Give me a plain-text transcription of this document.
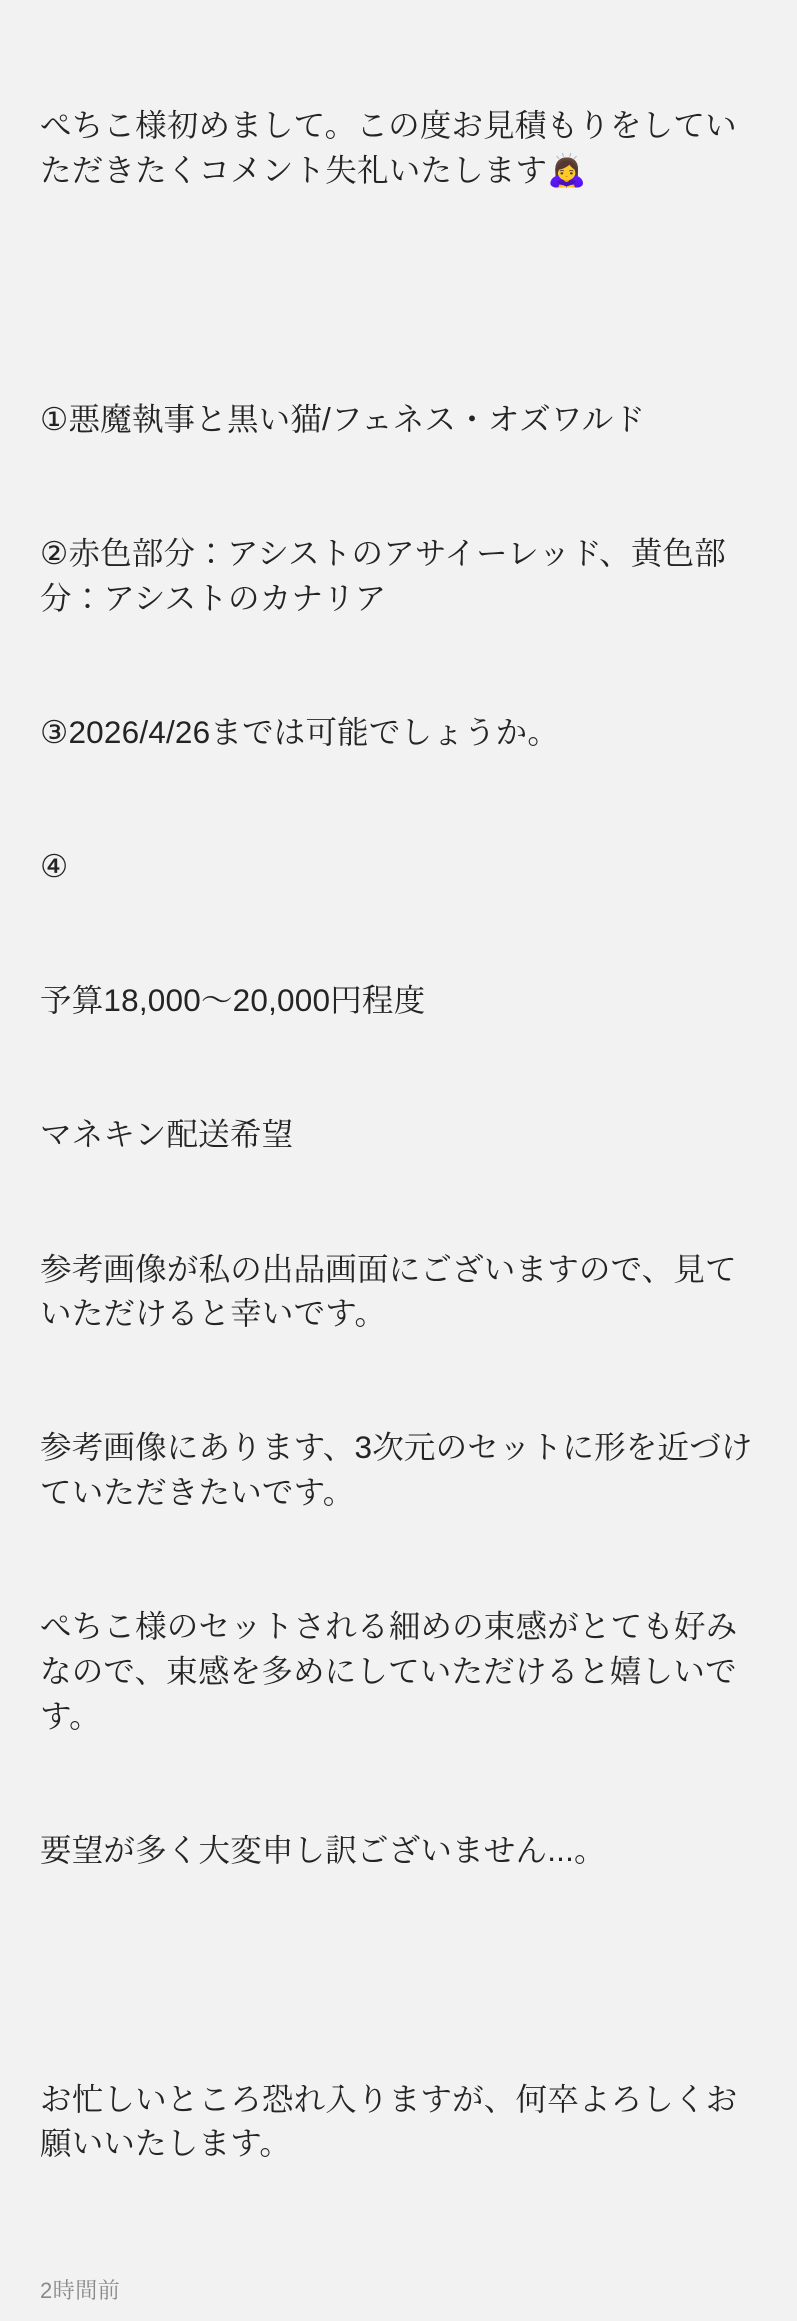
ぺちこ様初めまして。この度お見積もりをしていただきたくコメント失礼いたします🙇‍♀️

①悪魔執事と黒い猫/フェネス・オズワルド

②赤色部分：アシストのアサイーレッド、黄色部分：アシストのカナリア

③2026/4/26までは可能でしょうか。

④

予算18,000〜20,000円程度

マネキン配送希望

参考画像が私の出品画面にございますので、見ていただけると幸いです。

参考画像にあります、3次元のセットに形を近づけていただきたいです。

ぺちこ様のセットされる細めの束感がとても好みなので、束感を多めにしていただけると嬉しいです。

要望が多く大変申し訳ございません...。

お忙しいところ恐れ入りますが、何卒よろしくお願いいたします。

2時間前
